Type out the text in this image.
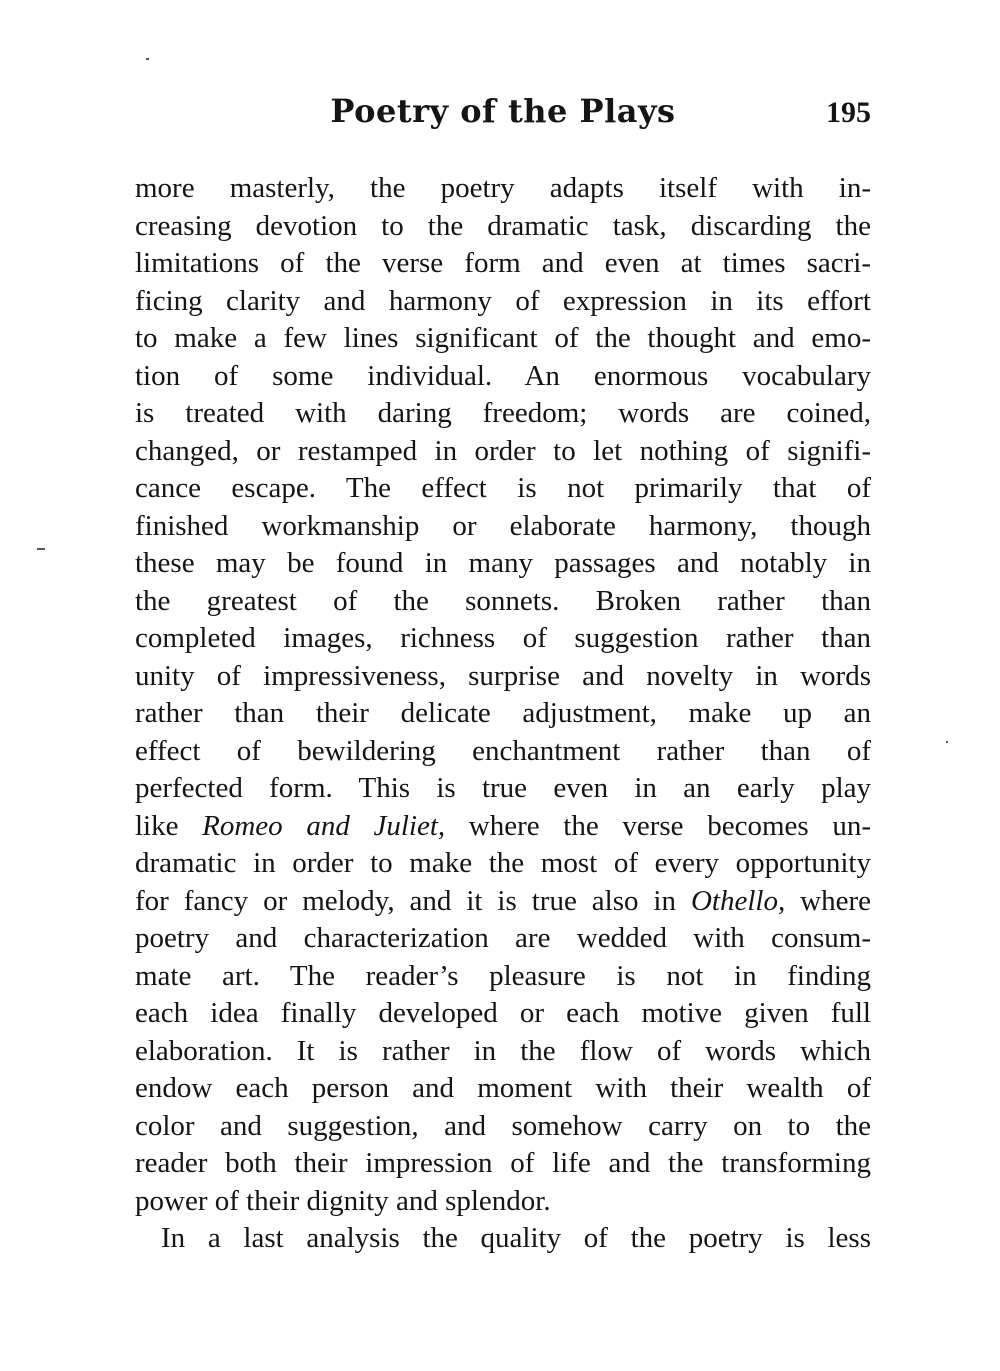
Poetry of the Plays	195
more masterly, the poetry adapts itself with in-
creasing devotion to the dramatic task, discarding the
limitations of the verse form and even at times sacri-
ficing clarity and harmony of expression in its effort
to make a few lines significant of the thought and emo-
tion of some individual. An enormous vocabulary
is treated with daring freedom; words are coined,
changed, or restamped in order to let nothing of signifi-
cance escape. The effect is not primarily that of
finished workmanship or elaborate harmony, though
these may be found in many passages and notably in
the greatest of the sonnets. Broken rather than
completed images, richness of suggestion rather than
unity of impressiveness, surprise and novelty in words
rather than their delicate adjustment, make up an
effect of bewildering enchantment rather than of
perfected form. This is true even in an early play
like Romeo and Juliet, where the verse becomes un-
dramatic in order to make the most of every opportunity
for fancy or melody, and it is true also in Othello, where
poetry and characterization are wedded with consum-
mate art. The reader’s pleasure is not in finding
each idea finally developed or each motive given full
elaboration. It is rather in the flow of words which
endow each person and moment with their wealth of
color and suggestion, and somehow carry on to the
reader both their impression of life and the transforming
power of their dignity and splendor.
In a last analysis the quality of the poetry is less
